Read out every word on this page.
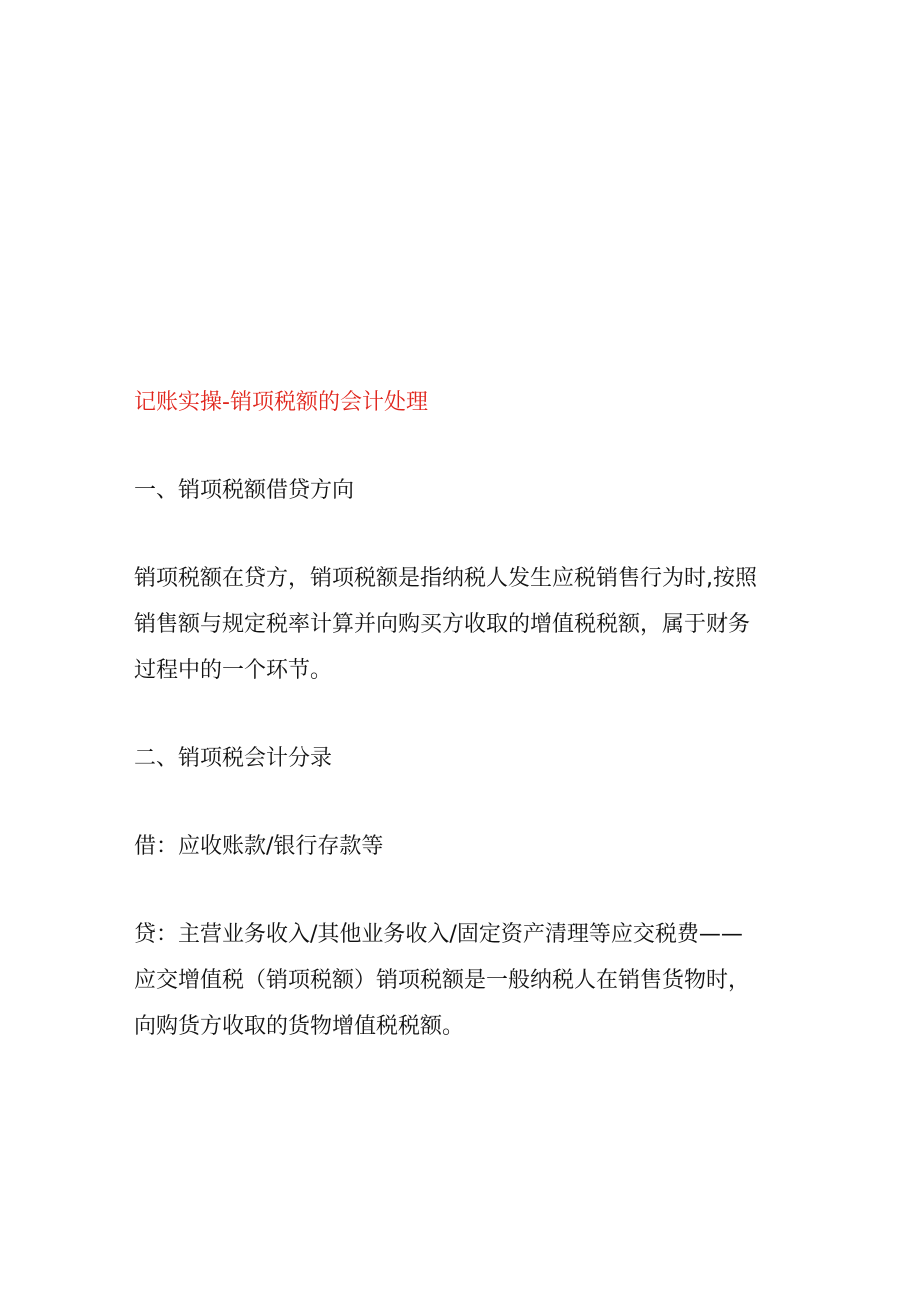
记账实操-销项税额的会计处理
一、销项税额借贷方向
销项税额在贷方，销项税额是指纳税人发生应税销售行为时,按照
销售额与规定税率计算并向购买方收取的增值税税额，属于财务
过程中的一个环节。
二、销项税会计分录
借：应收账款/银行存款等
贷：主营业务收入/其他业务收入/固定资产清理等应交税费——
应交增值税（销项税额）销项税额是一般纳税人在销售货物时，
向购货方收取的货物增值税税额。
